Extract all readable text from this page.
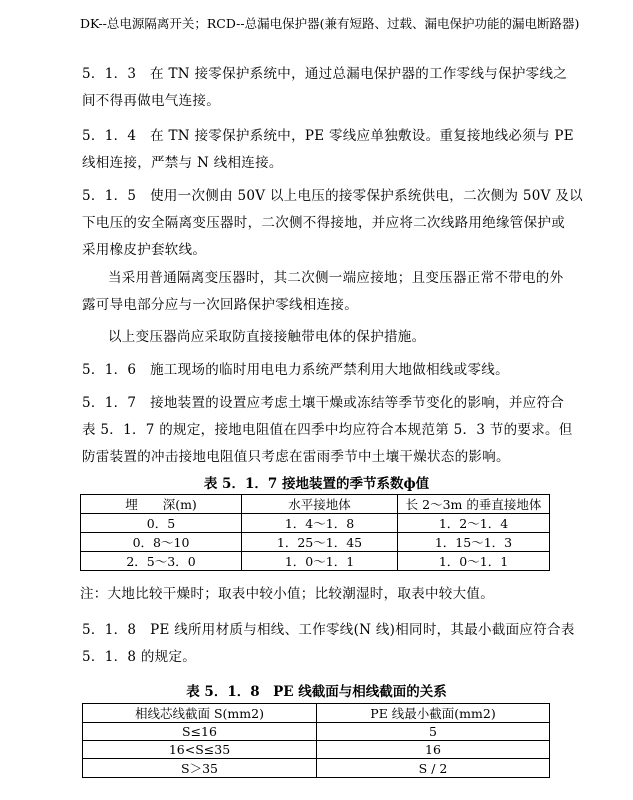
DK--总电源隔离开关；RCD--总漏电保护器(兼有短路、过载、漏电保护功能的漏电断路器)
5．1．3　在 TN 接零保护系统中，通过总漏电保护器的工作零线与保护零线之
间不得再做电气连接。
5．1．4　在 TN 接零保护系统中，PE 零线应单独敷设。重复接地线必须与 PE
线相连接，严禁与 N 线相连接。
5．1．5　使用一次侧由 50V 以上电压的接零保护系统供电，二次侧为 50V 及以
下电压的安全隔离变压器时，二次侧不得接地，并应将二次线路用绝缘管保护或
采用橡皮护套软线。
当采用普通隔离变压器时，其二次侧一端应接地；且变压器正常不带电的外
露可导电部分应与一次回路保护零线相连接。
以上变压器尚应采取防直接接触带电体的保护措施。
5．1．6　施工现场的临时用电电力系统严禁利用大地做相线或零线。
5．1．7　接地装置的设置应考虑土壤干燥或冻结等季节变化的影响，并应符合
表 5．1．7 的规定，接地电阻值在四季中均应符合本规范第 5．3 节的要求。但
防雷装置的冲击接地电阻值只考虑在雷雨季节中土壤干燥状态的影响。
表 5．1．7 接地装置的季节系数ф值
埋　　深(m)	水平接地体	长 2～3m 的垂直接地体
0．5	1．4～1．8	1．2～1．4
0．8～10	1．25～1．45	1．15～1．3
2．5～3．0	1．0～1．1	1．0～1．1
注：大地比较干燥时；取表中较小值；比较潮湿时，取表中较大值。
5．1．8　PE 线所用材质与相线、工作零线(N 线)相同时，其最小截面应符合表
5．1．8 的规定。
表 5．1．8　PE 线截面与相线截面的关系
相线芯线截面 S(mm2)	PE 线最小截面(mm2)
S≤16	5
16<S≤35	16
S＞35	S / 2
